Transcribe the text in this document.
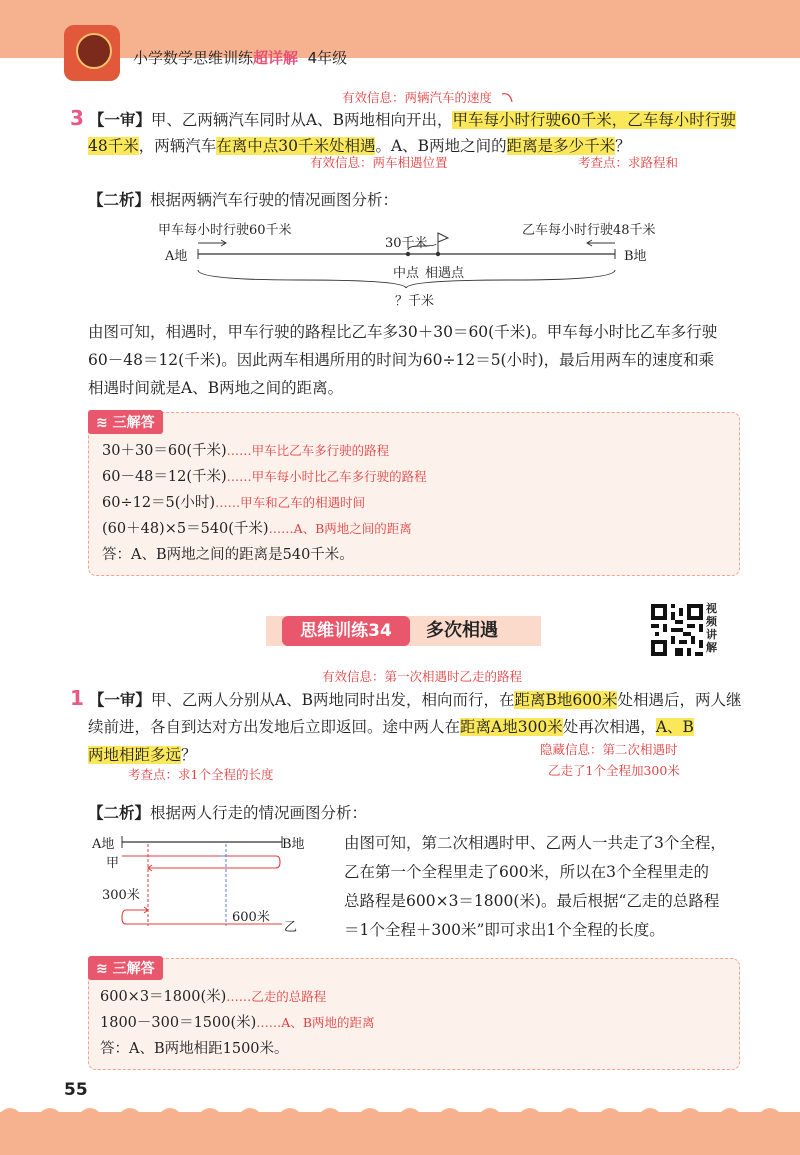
小学数学思维训练超详解 4年级
有效信息：两辆汽车的速度
3 【一审】甲、乙两辆汽车同时从A、B两地相向开出，甲车每小时行驶60千米，乙车每小时行驶
48千米，两辆汽车在离中点30千米处相遇。A、B两地之间的距离是多少千米？
有效信息：两车相遇位置	考查点：求路程和
【二析】根据两辆汽车行驶的情况画图分析：
甲车每小时行驶60千米	乙车每小时行驶48千米
A地	B地
30千米
中点 相遇点
？千米
由图可知，相遇时，甲车行驶的路程比乙车多30＋30＝60(千米)。甲车每小时比乙车多行驶
60－48＝12(千米)。因此两车相遇所用的时间为60÷12＝5(小时)，最后用两车的速度和乘
相遇时间就是A、B两地之间的距离。
≋ 三解答
30＋30＝60(千米)……甲车比乙车多行驶的路程
60－48＝12(千米)……甲车每小时比乙车多行驶的路程
60÷12＝5(小时)……甲车和乙车的相遇时间
(60＋48)×5＝540(千米)……A、B两地之间的距离
答：A、B两地之间的距离是540千米。
思维训练34	多次相遇
视频讲解
有效信息：第一次相遇时乙走的路程
1 【一审】甲、乙两人分别从A、B两地同时出发，相向而行，在距离B地600米处相遇后，两人继
续前进，各自到达对方出发地后立即返回。途中两人在距离A地300米处再次相遇，A、B
两地相距多远？	隐藏信息：第二次相遇时
乙走了1个全程加300米
考查点：求1个全程的长度
【二析】根据两人行走的情况画图分析：
A地	B地
甲
300米
600米
乙
由图可知，第二次相遇时甲、乙两人一共走了3个全程，
乙在第一个全程里走了600米，所以在3个全程里走的
总路程是600×3＝1800(米)。最后根据“乙走的总路程
＝1个全程＋300米”即可求出1个全程的长度。
≋ 三解答
600×3＝1800(米)……乙走的总路程
1800－300＝1500(米)……A、B两地的距离
答：A、B两地相距1500米。
55
